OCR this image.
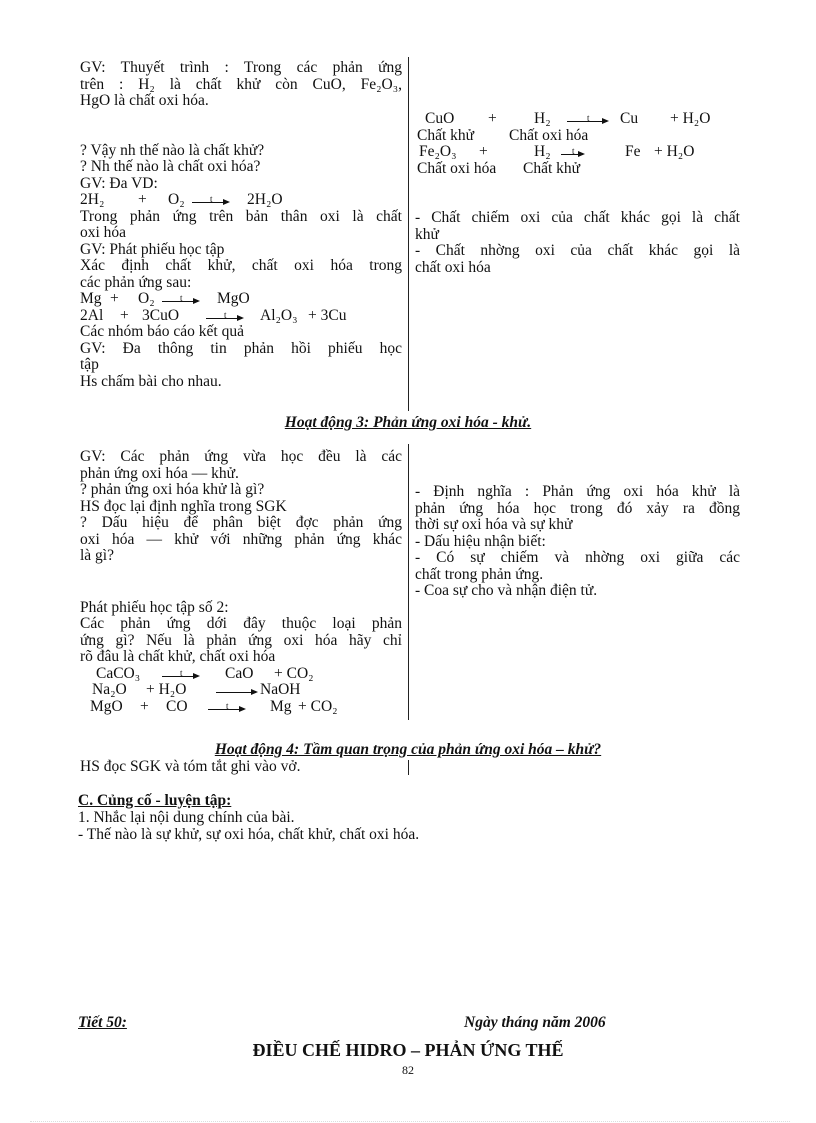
GV: Thuyết trình : Trong các phản ứng
trên : H₂ là chất khử còn CuO, Fe₂O₃,
HgO là chất oxi hóa.
? Vậy nh thế nào là chất khử?
? Nh thế nào là chất oxi hóa?
GV: Đa VD:
2H₂ + O₂	t 2H₂O
Trong phản ứng trên bản thân oxi là chất
oxi hóa
GV: Phát phiếu học tập
Xác định chất khử, chất oxi hóa trong
các phản ứng sau:
Mg + O₂	t MgO
2Al + 3CuO	t Al₂O₃ + 3Cu
Các nhóm báo cáo kết quả
GV: Đa thông tin phản hồi phiếu học
tập
Hs chấm bài cho nhau.
CuO + H₂	t Cu + H₂O
Chất khử Chất oxi hóa
Fe₂O₃ +	H₂ t	Fe + H₂O
Chất oxi hóa Chất khử
- Chất chiếm oxi của chất khác gọi là chất
khử
- Chất nhờng oxi của chất khác gọi là
chất oxi hóa
Hoạt động 3: Phản ứng oxi hóa - khử.
GV: Các phản ứng vừa học đều là các
phản ứng oxi hóa — khử.
? phản ứng oxi hóa khử là gì?
HS đọc lại định nghĩa trong SGK
? Dấu hiệu để phân biệt đợc phản ứng
oxi hóa — khử với những phản ứng khác
là gì?
Phát phiếu học tập số 2:
Các phản ứng dới đây thuộc loại phản
ứng gì? Nếu là phản ứng oxi hóa hãy chỉ
rõ đâu là chất khử, chất oxi hóa
CaCO₃	t	CaO + CO₂
Na₂O + H₂O → NaOH
MgO + CO	t	Mg + CO₂
- Định nghĩa : Phản ứng oxi hóa khử là
phản ứng hóa học trong đó xảy ra đồng
thời sự oxi hóa và sự khử
- Dấu hiệu nhận biết:
- Có sự chiếm và nhờng oxi giữa các
chất trong phản ứng.
- Coa sự cho và nhận điện tử.
Hoạt động 4: Tầm quan trọng của phản ứng oxi hóa – khử?
HS đọc SGK và tóm tắt ghi vào vở.
C. Củng cố - luyện tập:
1. Nhắc lại nội dung chính của bài.
- Thế nào là sự khử, sự oxi hóa, chất khử, chất oxi hóa.
Tiết 50:	Ngày tháng năm 2006
ĐIỀU CHẾ HIDRO – PHẢN ỨNG THẾ
82
